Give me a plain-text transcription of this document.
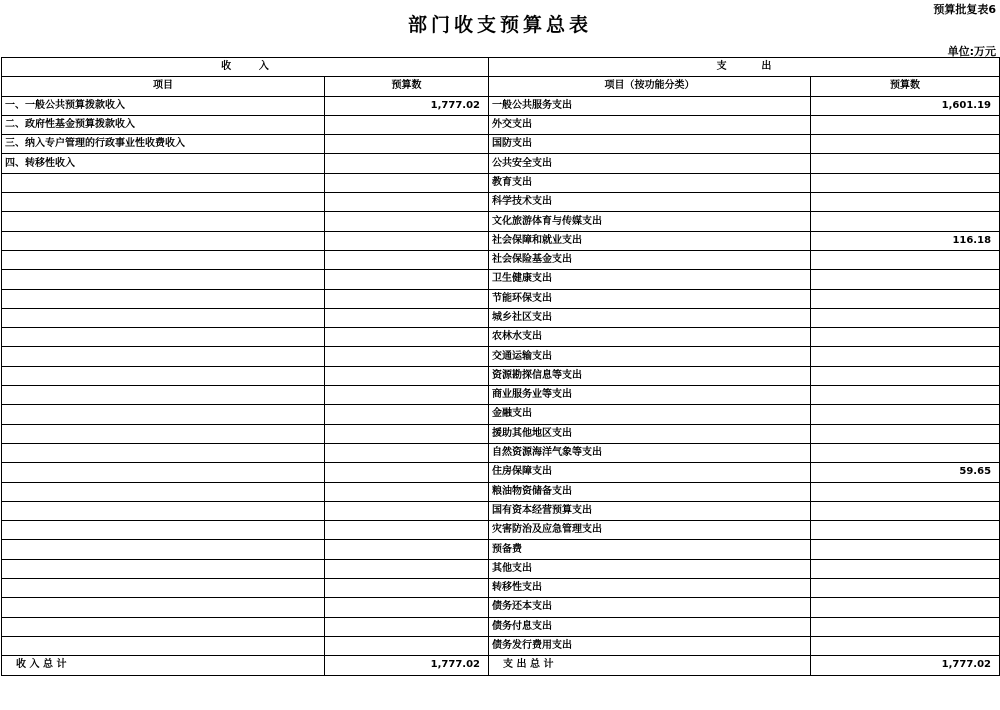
预算批复表6
部门收支预算总表
单位:万元
收        入		支          出	
项目	预算数	项目（按功能分类）	预算数
一、一般公共预算拨款收入	1,777.02	一般公共服务支出	1,601.19
二、政府性基金预算拨款收入		外交支出	
三、纳入专户管理的行政事业性收费收入		国防支出	
四、转移性收入		公共安全支出	
		教育支出	
		科学技术支出	
		文化旅游体育与传媒支出	
		社会保障和就业支出	116.18
		社会保险基金支出	
		卫生健康支出	
		节能环保支出	
		城乡社区支出	
		农林水支出	
		交通运输支出	
		资源勘探信息等支出	
		商业服务业等支出	
		金融支出	
		援助其他地区支出	
		自然资源海洋气象等支出	
		住房保障支出	59.65
		粮油物资储备支出	
		国有资本经营预算支出	
		灾害防治及应急管理支出	
		预备费	
		其他支出	
		转移性支出	
		债务还本支出	
		债务付息支出	
		债务发行费用支出	
收 入 总 计	1,777.02	支 出 总 计	1,777.02
